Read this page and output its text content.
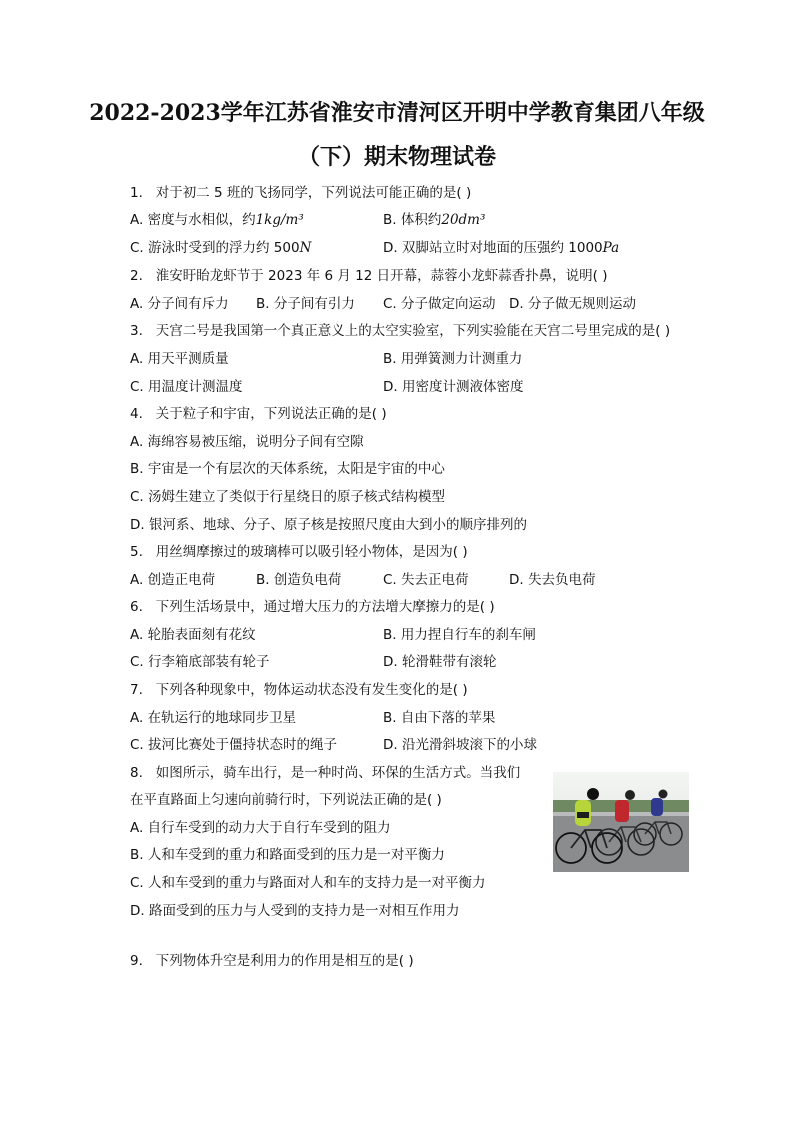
2022-2023学年江苏省淮安市清河区开明中学教育集团八年级
（下）期末物理试卷
1. 对于初二 5 班的飞扬同学，下列说法可能正确的是( )
A. 密度与水相似，约1kg/m³	B. 体积约20dm³
C. 游泳时受到的浮力约 500N	D. 双脚站立时对地面的压强约 1000Pa
2. 淮安盱眙龙虾节于 2023 年 6 月 12 日开幕，蒜蓉小龙虾蒜香扑鼻，说明( )
A. 分子间有斥力 B. 分子间有引力 C. 分子做定向运动 D. 分子做无规则运动
3. 天宫二号是我国第一个真正意义上的太空实验室，下列实验能在天宫二号里完成的是( )
A. 用天平测质量	B. 用弹簧测力计测重力
C. 用温度计测温度	D. 用密度计测液体密度
4. 关于粒子和宇宙，下列说法正确的是( )
A. 海绵容易被压缩，说明分子间有空隙
B. 宇宙是一个有层次的天体系统，太阳是宇宙的中心
C. 汤姆生建立了类似于行星绕日的原子核式结构模型
D. 银河系、地球、分子、原子核是按照尺度由大到小的顺序排列的
5. 用丝绸摩擦过的玻璃棒可以吸引轻小物体，是因为( )
A. 创造正电荷	B. 创造负电荷	C. 失去正电荷	D. 失去负电荷
6. 下列生活场景中，通过增大压力的方法增大摩擦力的是( )
A. 轮胎表面刻有花纹	B. 用力捏自行车的刹车闸
C. 行李箱底部装有轮子	D. 轮滑鞋带有滚轮
7. 下列各种现象中，物体运动状态没有发生变化的是( )
A. 在轨运行的地球同步卫星	B. 自由下落的苹果
C. 拔河比赛处于僵持状态时的绳子	D. 沿光滑斜坡滚下的小球
8. 如图所示，骑车出行，是一种时尚、环保的生活方式。当我们
在平直路面上匀速向前骑行时，下列说法正确的是( )
A. 自行车受到的动力大于自行车受到的阻力
B. 人和车受到的重力和路面受到的压力是一对平衡力
C. 人和车受到的重力与路面对人和车的支持力是一对平衡力
D. 路面受到的压力与人受到的支持力是一对相互作用力
9. 下列物体升空是利用力的作用是相互的是( )
